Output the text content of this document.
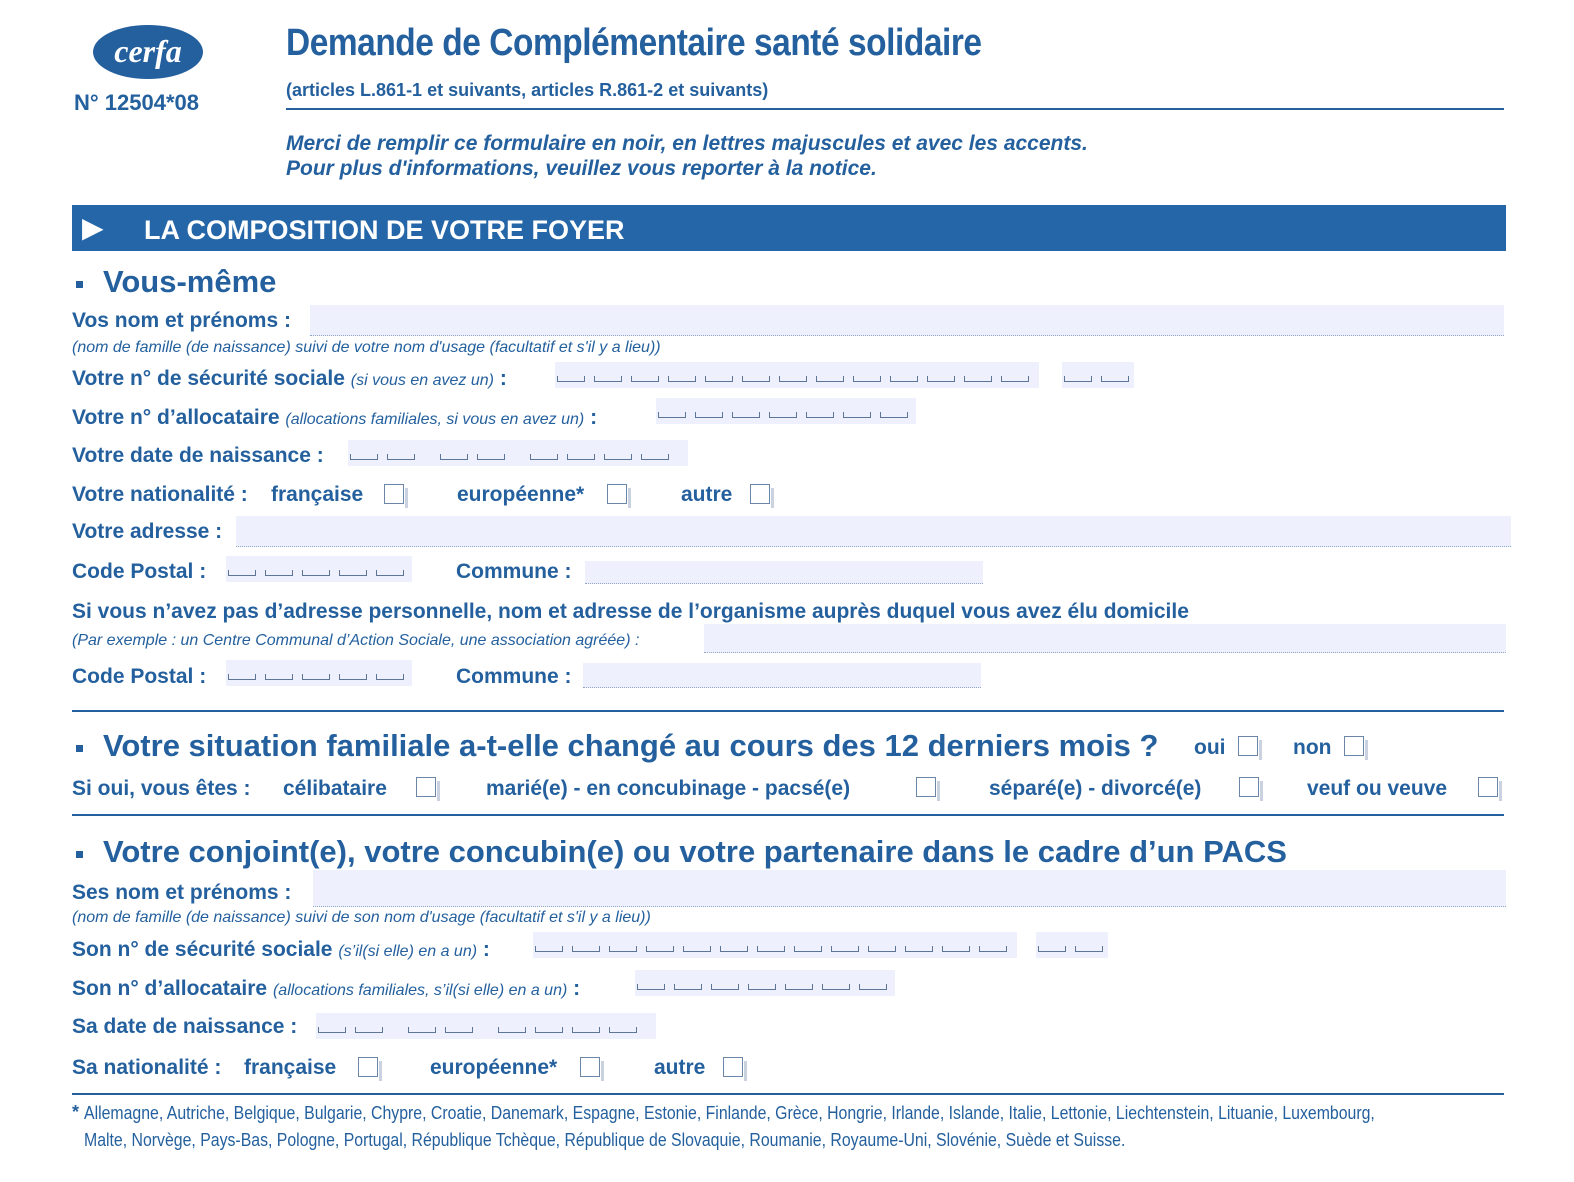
cerfa
N° 12504*08
Demande de Complémentaire santé solidaire
(articles L.861-1 et suivants, articles R.861-2 et suivants)
Merci de remplir ce formulaire en noir, en lettres majuscules et avec les accents.
Pour plus d'informations, veuillez vous reporter à la notice.
▶ LA COMPOSITION DE VOTRE FOYER
Vous-même
Vos nom et prénoms :
(nom de famille (de naissance) suivi de votre nom d'usage (facultatif et s'il y a lieu))
Votre n° de sécurité sociale (si vous en avez un) :
Votre n° d’allocataire (allocations familiales, si vous en avez un) :
Votre date de naissance :
Votre nationalité : française	européenne*	autre
Votre adresse :
Code Postal :	Commune :
Si vous n’avez pas d’adresse personnelle, nom et adresse de l’organisme auprès duquel vous avez élu domicile
(Par exemple : un Centre Communal d’Action Sociale, une association agréée) :
Code Postal :	Commune :
Votre situation familiale a-t-elle changé au cours des 12 derniers mois ? oui	non
Si oui, vous êtes : célibataire	marié(e) - en concubinage - pacsé(e)	séparé(e) - divorcé(e)	veuf ou veuve
Votre conjoint(e), votre concubin(e) ou votre partenaire dans le cadre d’un PACS
Ses nom et prénoms :
(nom de famille (de naissance) suivi de son nom d'usage (facultatif et s'il y a lieu))
Son n° de sécurité sociale (s’il(si elle) en a un) :
Son n° d’allocataire (allocations familiales, s’il(si elle) en a un) :
Sa date de naissance :
Sa nationalité : française	européenne*	autre
* Allemagne, Autriche, Belgique, Bulgarie, Chypre, Croatie, Danemark, Espagne, Estonie, Finlande, Grèce, Hongrie, Irlande, Islande, Italie, Lettonie, Liechtenstein, Lituanie, Luxembourg,
Malte, Norvège, Pays-Bas, Pologne, Portugal, République Tchèque, République de Slovaquie, Roumanie, Royaume-Uni, Slovénie, Suède et Suisse.
